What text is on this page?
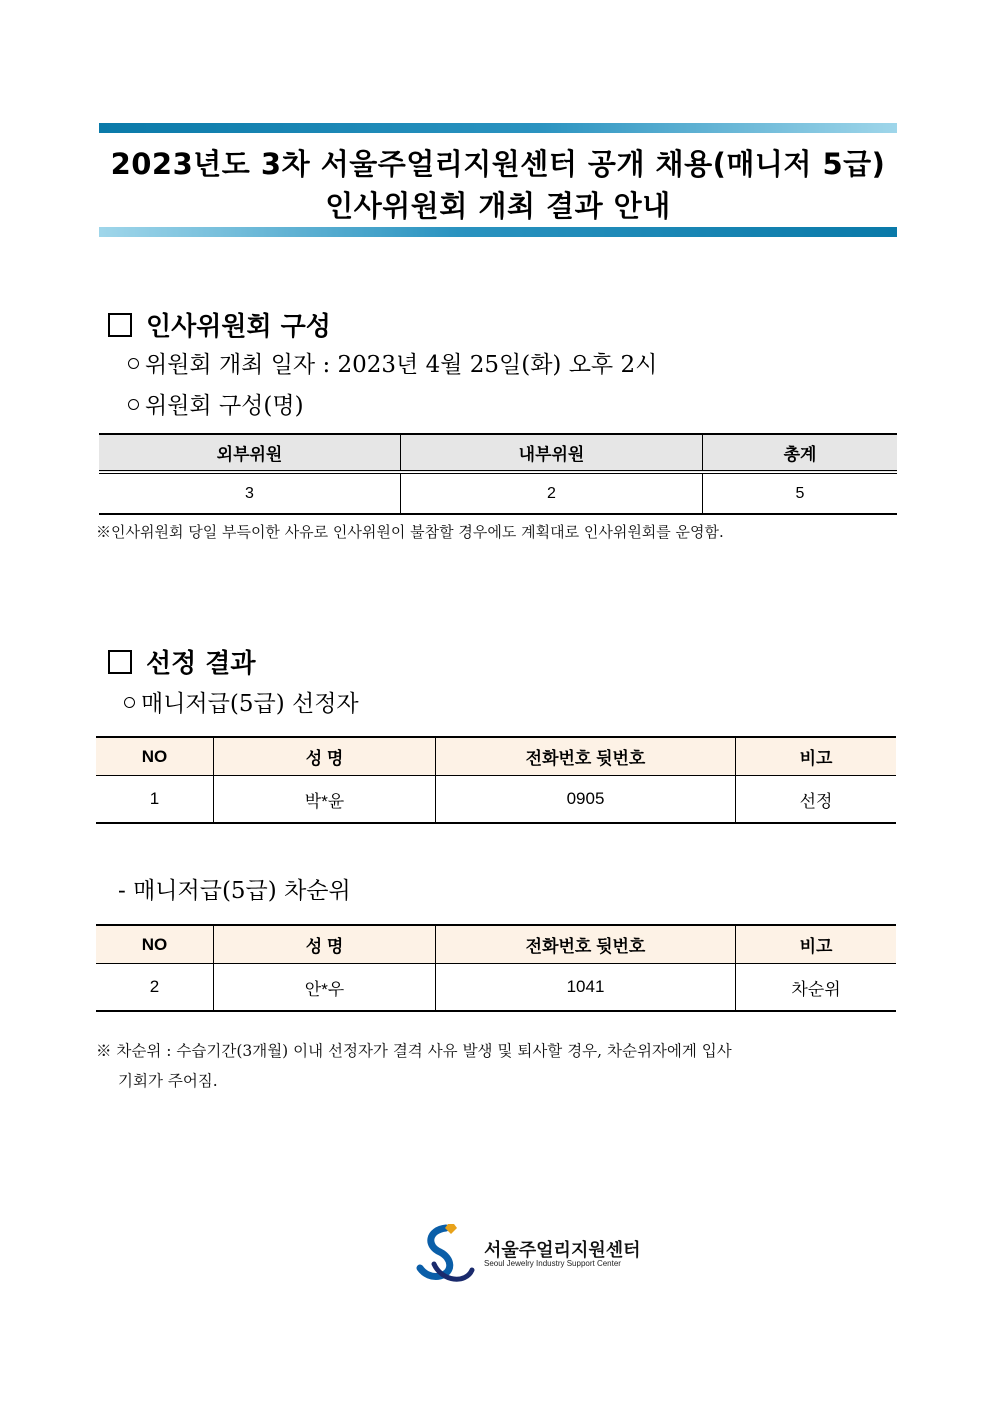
2023년도 3차 서울주얼리지원센터 공개 채용(매니저 5급)
인사위원회 개최 결과 안내
인사위원회 구성
위원회 개최 일자 : 2023년 4월 25일(화) 오후 2시
위원회 구성(명)
외부위원	내부위원	총계
3	2	5
※인사위원회 당일 부득이한 사유로 인사위원이 불참할 경우에도 계획대로 인사위원회를 운영함.
선정 결과
매니저급(5급) 선정자
NO	성 명	전화번호 뒷번호	비고
1	박*윤	0905	선정
- 매니저급(5급) 차순위
NO	성 명	전화번호 뒷번호	비고
2	안*우	1041	차순위
※ 차순위 : 수습기간(3개월) 이내 선정자가 결격 사유 발생 및 퇴사할 경우, 차순위자에게 입사
기회가 주어짐.
서울주얼리지원센터
Seoul Jewelry Industry Support Center
